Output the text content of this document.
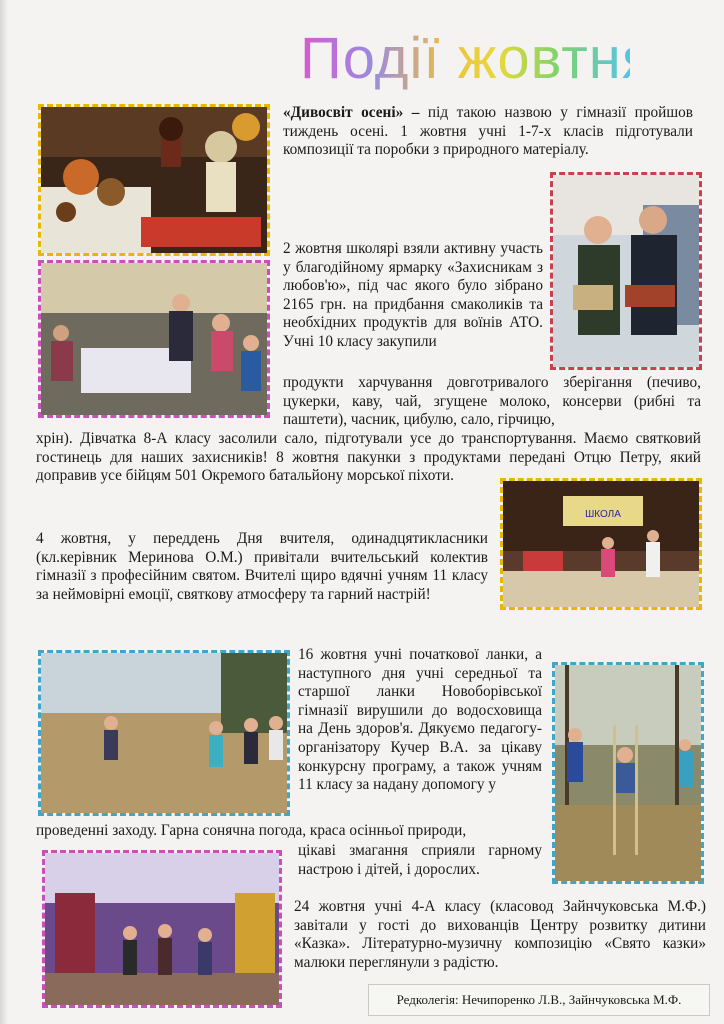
Події жовтня
ШКОЛА

«Дивосвіт осені» – під такою назвою у гімназії пройшов тиждень осені. 1 жовтня учні 1-7-х класів підготували композиції та поробки з природного матеріалу.

2 жовтня школярі взяли активну участь у благодійному ярмарку «Захисникам з любов'ю», під час якого було зібрано 2165 грн. на придбання смаколиків та необхідних продуктів для воїнів АТО. Учні 10 класу закупили

продукти харчування довготривалого зберігання (печиво, цукерки, каву, чай, згущене молоко, консерви (рибні та паштети), часник, цибулю, сало, гірчицю,

хрін). Дівчатка 8-А класу засолили сало, підготували усе до транспортування. Маємо святковий гостинець для наших захисників! 8 жовтня пакунки з продуктами передані Отцю Петру, який доправив усе бійцям 501 Окремого батальйону морської піхоти.

4 жовтня, у переддень Дня вчителя, одинадцятикласники (кл.керівник Меринова О.М.) привітали вчительський колектив гімназії з професійним святом. Вчителі щиро вдячні учням 11 класу за неймовірні емоції, святкову атмосферу та гарний настрій!

16 жовтня учні початкової ланки, а наступного дня учні середньої та старшої ланки Новоборівської гімназії вирушили до водосховища на День здоров'я. Дякуємо педагогу-організатору Кучер В.А. за цікаву конкурсну програму, а також учням 11 класу за надану допомогу у

проведенні заходу. Гарна сонячна погода, краса осінньої природи,

цікаві змагання сприяли гарному настрою і дітей, і дорослих.

24 жовтня учні 4-А класу (класовод Зайнчуковська М.Ф.) завітали у гості до вихованців Центру розвитку дитини «Казка». Літературно-музичну композицію «Свято казки» малюки переглянули з радістю.

Редколегія: Нечипоренко Л.В., Зайнчуковська М.Ф.
